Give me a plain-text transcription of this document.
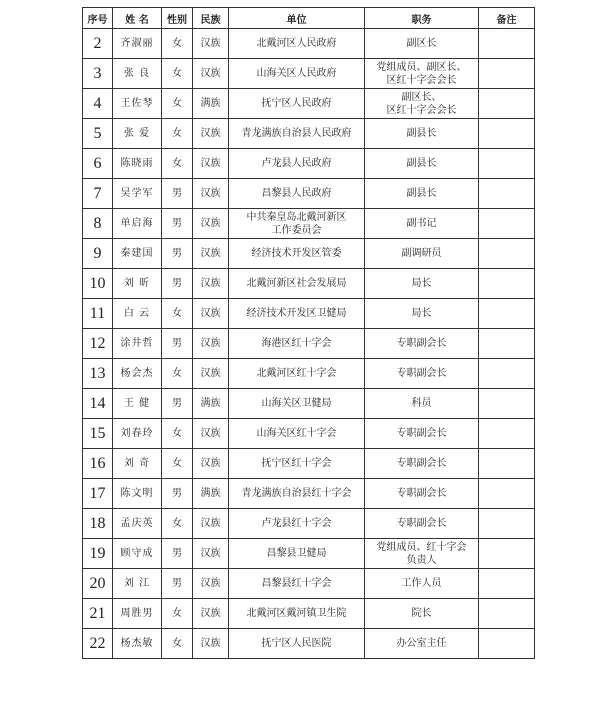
序号	姓 名	性别	民族	单位	职务	备注
2	齐淑丽	女	汉族	北戴河区人民政府	副区长	
3	张 良	女	汉族	山海关区人民政府	党组成员、副区长、
区红十字会会长	
4	王佐琴	女	满族	抚宁区人民政府	副区长、
区红十字会会长	
5	张 爱	女	汉族	青龙满族自治县人民政府	副县长	
6	陈晓雨	女	汉族	卢龙县人民政府	副县长	
7	吴学军	男	汉族	昌黎县人民政府	副县长	
8	单启海	男	汉族	中共秦皇岛北戴河新区
工作委员会	副书记	
9	秦建国	男	汉族	经济技术开发区管委	副调研员	
10	刘 昕	男	汉族	北戴河新区社会发展局	局长	
11	白 云	女	汉族	经济技术开发区卫健局	局长	
12	涂井哲	男	汉族	海港区红十字会	专职副会长	
13	杨会杰	女	汉族	北戴河区红十字会	专职副会长	
14	王 健	男	满族	山海关区卫健局	科员	
15	刘春玲	女	汉族	山海关区红十字会	专职副会长	
16	刘 奇	女	汉族	抚宁区红十字会	专职副会长	
17	陈文明	男	满族	青龙满族自治县红十字会	专职副会长	
18	孟庆英	女	汉族	卢龙县红十字会	专职副会长	
19	顾守成	男	汉族	昌黎县卫健局	党组成员、红十字会
负责人	
20	刘 江	男	汉族	昌黎县红十字会	工作人员	
21	周胜男	女	汉族	北戴河区戴河镇卫生院	院长	
22	杨杰敏	女	汉族	抚宁区人民医院	办公室主任	
